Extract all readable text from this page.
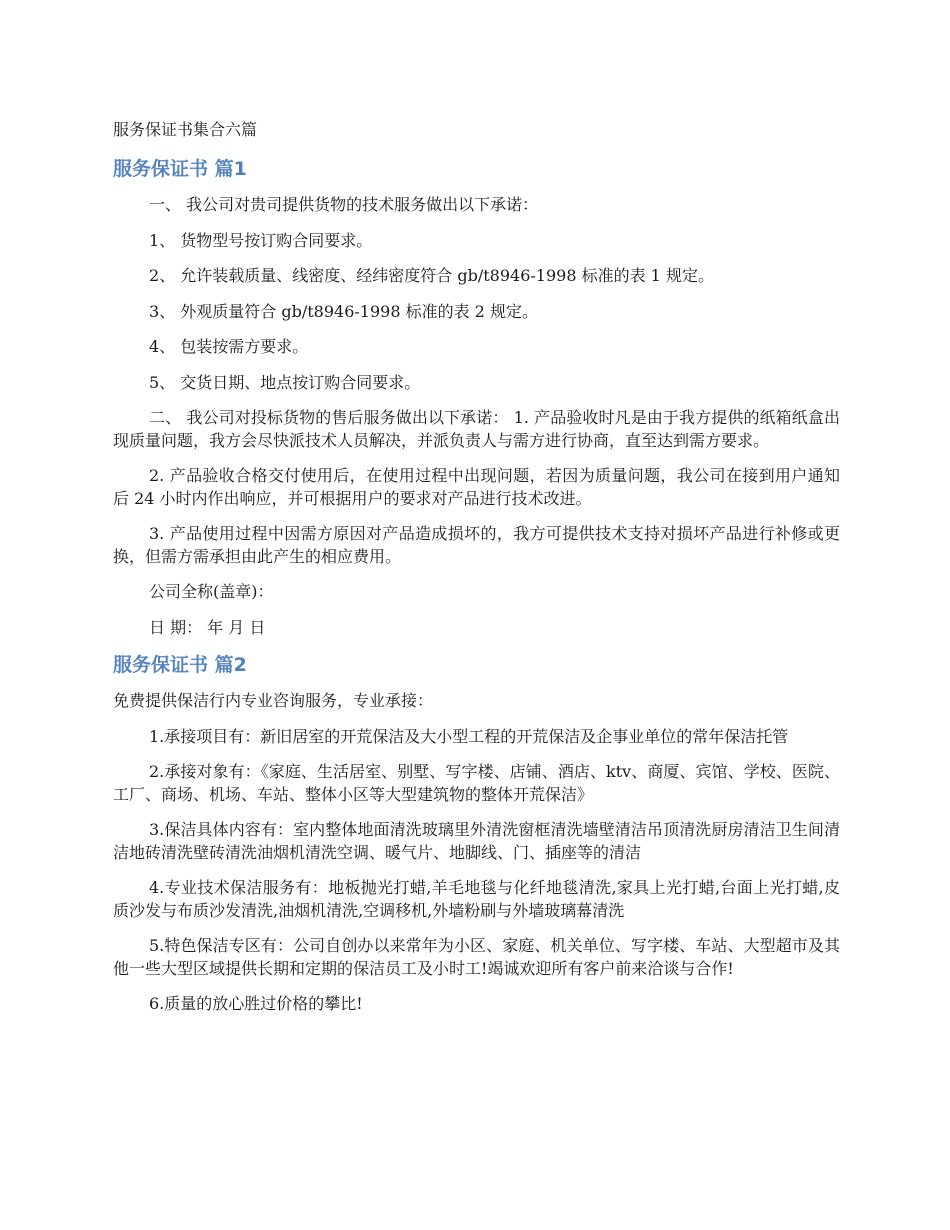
服务保证书集合六篇
服务保证书 篇1

一、 我公司对贵司提供货物的技术服务做出以下承诺：

1、 货物型号按订购合同要求。

2、 允许装载质量、线密度、经纬密度符合 gb/t8946-1998 标准的表 1 规定。

3、 外观质量符合 gb/t8946-1998 标准的表 2 规定。

4、 包装按需方要求。

5、 交货日期、地点按订购合同要求。

二、 我公司对投标货物的售后服务做出以下承诺： 1. 产品验收时凡是由于我方提供的纸箱纸盒出现质量问题，我方会尽快派技术人员解决，并派负责人与需方进行协商，直至达到需方要求。

2. 产品验收合格交付使用后，在使用过程中出现问题，若因为质量问题，我公司在接到用户通知后 24 小时内作出响应，并可根据用户的要求对产品进行技术改进。

3. 产品使用过程中因需方原因对产品造成损坏的，我方可提供技术支持对损坏产品进行补修或更换，但需方需承担由此产生的相应费用。

公司全称(盖章)：

日 期： 年 月 日

服务保证书 篇2

免费提供保洁行内专业咨询服务，专业承接：

1.承接项目有：新旧居室的开荒保洁及大小型工程的开荒保洁及企事业单位的常年保洁托管

2.承接对象有：《家庭、生活居室、别墅、写字楼、店铺、酒店、ktv、商厦、宾馆、学校、医院、工厂、商场、机场、车站、整体小区等大型建筑物的整体开荒保洁》

3.保洁具体内容有：室内整体地面清洗玻璃里外清洗窗框清洗墙壁清洁吊顶清洗厨房清洁卫生间清洁地砖清洗壁砖清洗油烟机清洗空调、暖气片、地脚线、门、插座等的清洁

4.专业技术保洁服务有：地板抛光打蜡,羊毛地毯与化纤地毯清洗,家具上光打蜡,台面上光打蜡,皮质沙发与布质沙发清洗,油烟机清洗,空调移机,外墙粉刷与外墙玻璃幕清洗

5.特色保洁专区有：公司自创办以来常年为小区、家庭、机关单位、写字楼、车站、大型超市及其他一些大型区域提供长期和定期的保洁员工及小时工!竭诚欢迎所有客户前来洽谈与合作!

6.质量的放心胜过价格的攀比!
